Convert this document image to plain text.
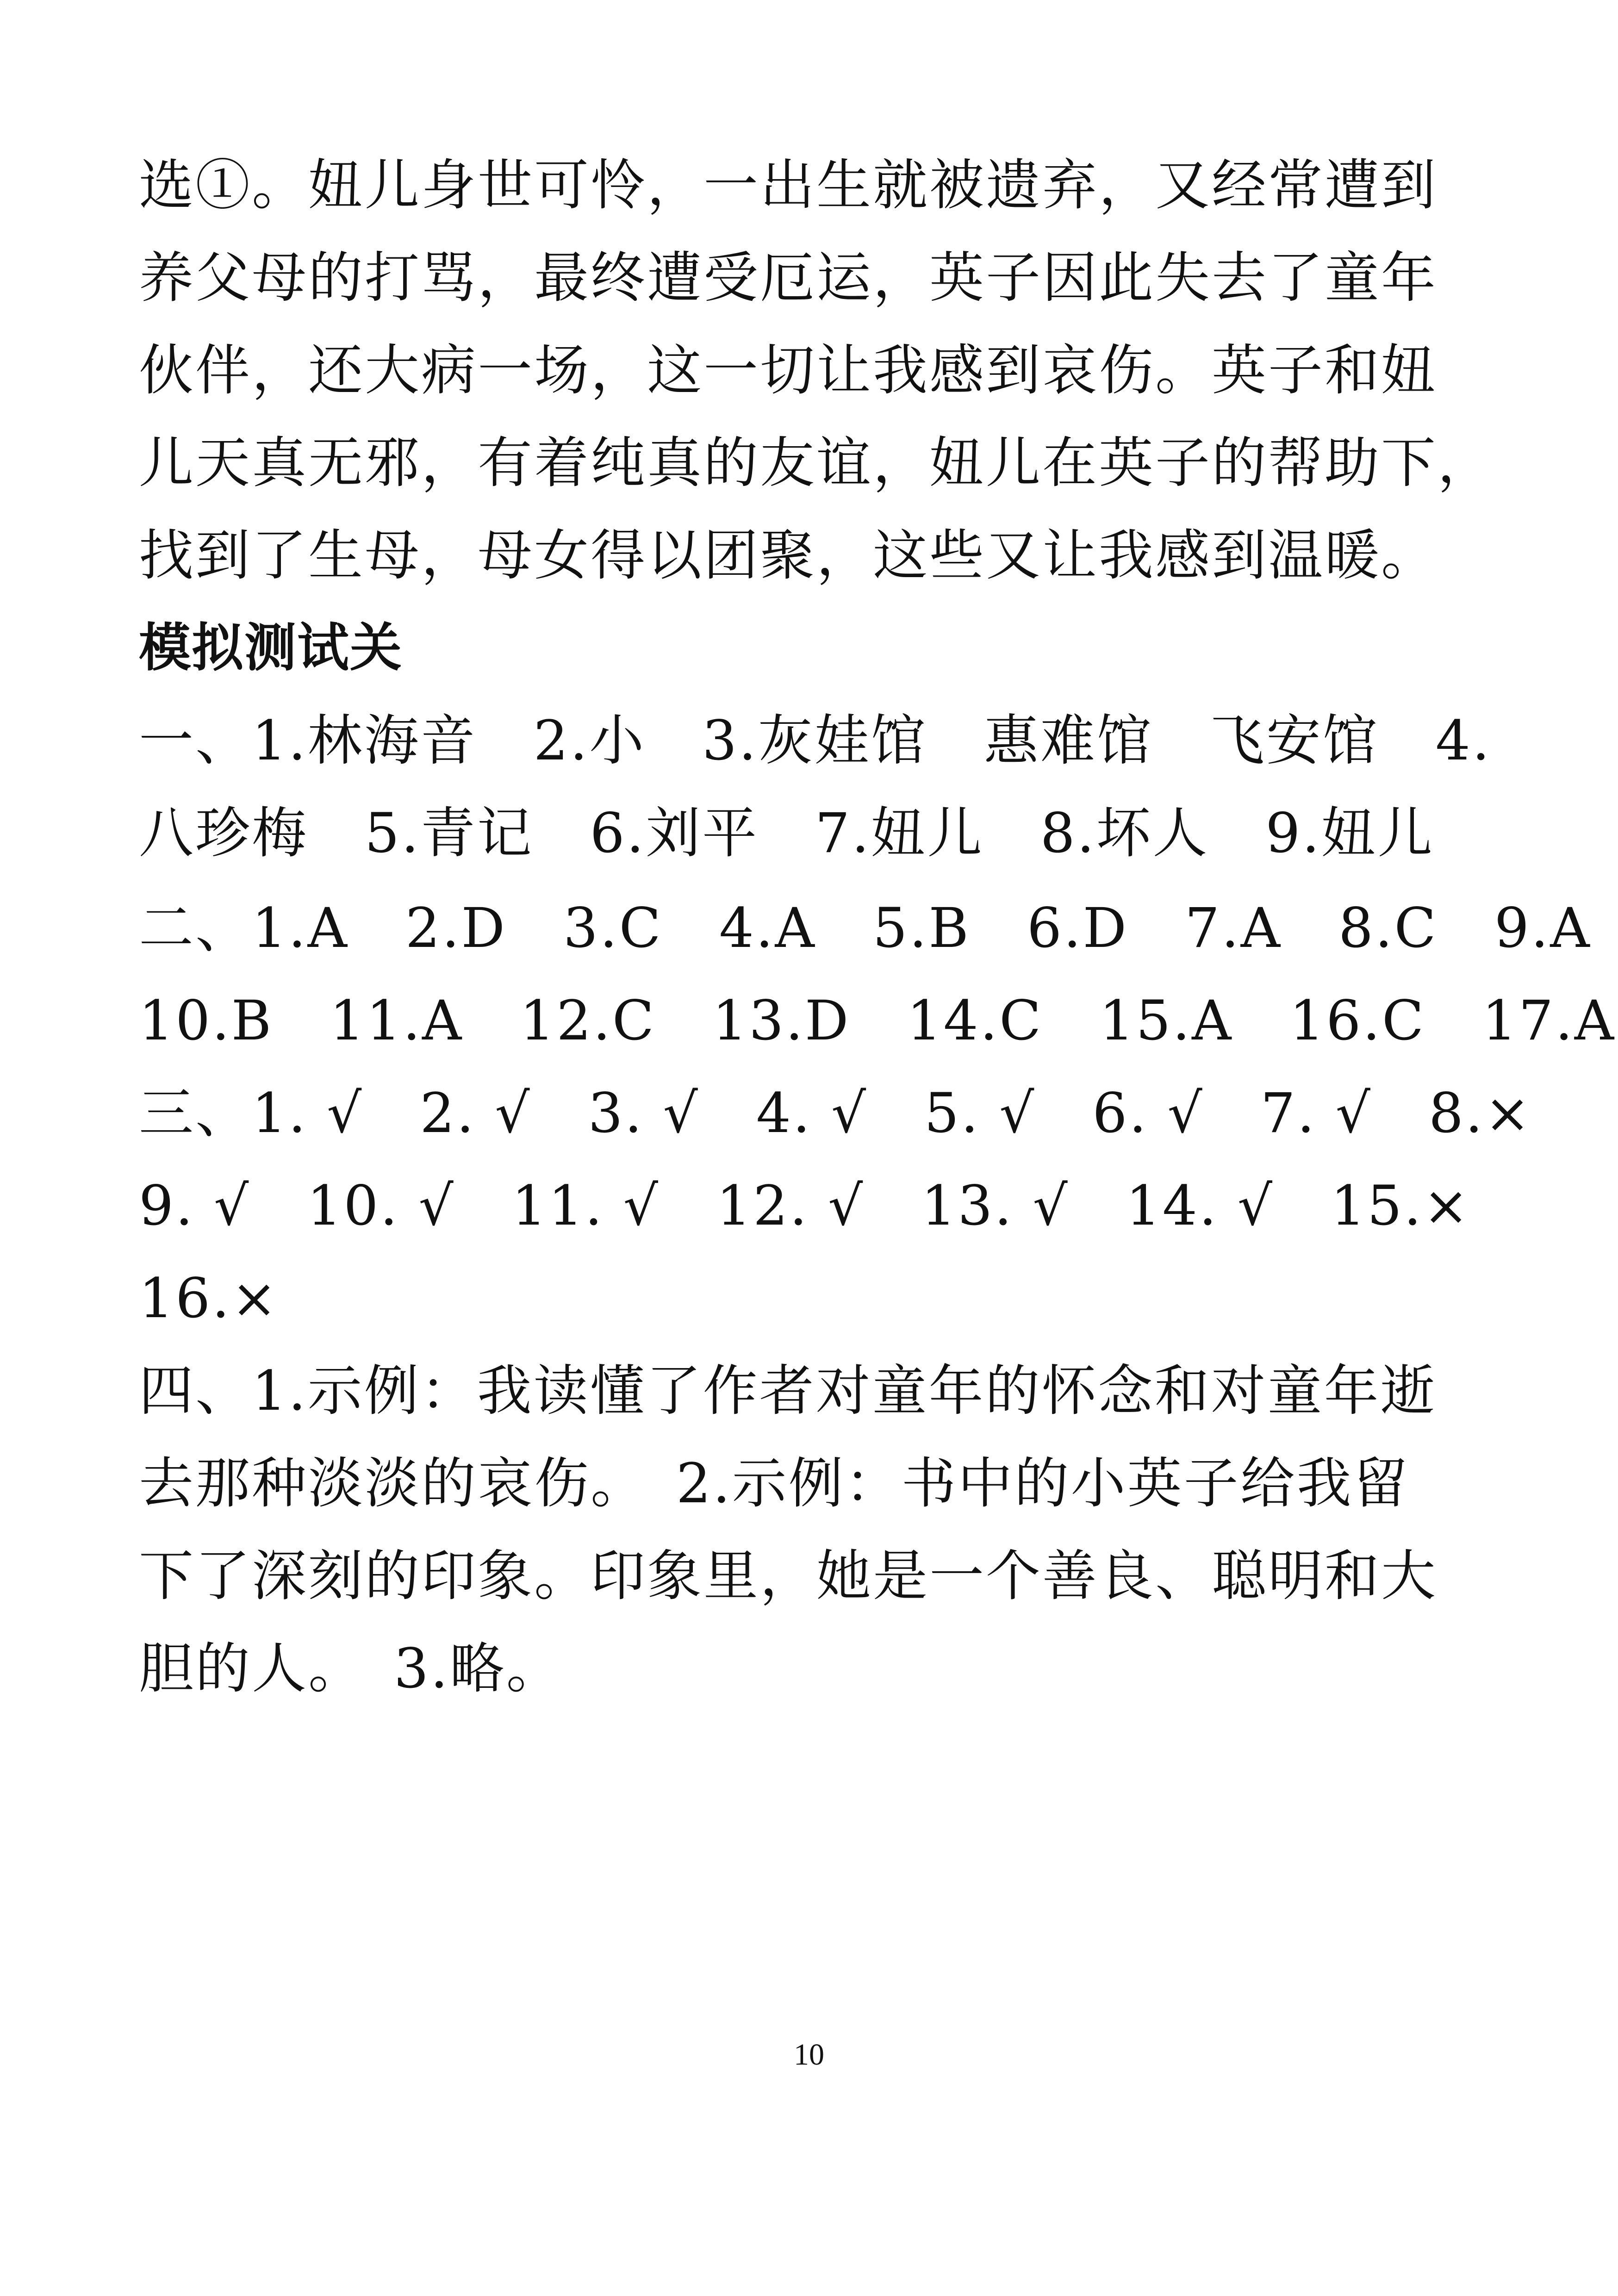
选①。妞儿身世可怜，一出生就被遗弃，又经常遭到
养父母的打骂，最终遭受厄运，英子因此失去了童年
伙伴，还大病一场，这一切让我感到哀伤。英子和妞
儿天真无邪，有着纯真的友谊，妞儿在英子的帮助下，
找到了生母，母女得以团聚，这些又让我感到温暖。
模拟测试关
一、1.林海音　2.小　3.灰娃馆　惠难馆　飞安馆　4.
八珍梅　5.青记　6.刘平　7.妞儿　8.坏人　9.妞儿
二、1.A　2.D　3.C　4.A　5.B　6.D　7.A　8.C　9.A
10.B　11.A　12.C　13.D　14.C　15.A　16.C　17.A
三、1. √　2. √　3. √　4. √　5. √　6. √　7. √　8.×
9. √　10. √　11. √　12. √　13. √　14. √　15.×
16.×
四、1.示例：我读懂了作者对童年的怀念和对童年逝
去那种淡淡的哀伤。　2.示例：书中的小英子给我留
下了深刻的印象。印象里，她是一个善良、聪明和大
胆的人。　3.略。
10
